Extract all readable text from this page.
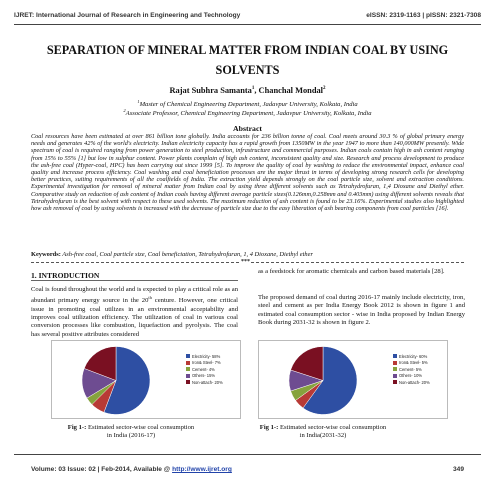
IJRET: International Journal of Research in Engineering and Technology	eISSN: 2319-1163 | pISSN: 2321-7308
SEPARATION OF MINERAL MATTER FROM INDIAN COAL BY USING SOLVENTS
Rajat Subhra Samanta$^1$, Chanchal Mondal$^2$
$^1$Master of Chemical Engineering Department, Jadavpur University, Kolkata, India
$^2$Associate Professor, Chemical Engineering Department, Jadavpur University, Kolkata, India
Abstract
Coal resources have been estimated at over 861 billion tone globally. India accounts for 236 billion tonne of coal. Coal meets around 30.3 % of global primary energy needs and generates 42% of the world's electricity. Indian electricity capacity has a rapid growth from 1350MW in the year 1947 to more than 140,000MW presently. Wide spectrum of coal is required ranging from power generation to steel production, infrastructure and commercial purposes. Indian coals contain high in ash content ranging from 15% to 55% [1] but low in sulphur content. Power plants complain of high ash content, inconsistent quality and size. Research and process development to produce the ash-free coal (Hyper-coal, HPC) has been carrying out since 1999 [5]. To improve the quality of coal by washing to reduce the environmental impact, enhance coal quality and increase process efficiency. Coal washing and coal beneficiation processes are the major thrust in terms of developing strong research cells for developing better practices, suiting requirements of all the coalfields of India. The extraction yield depends strongly on the coal particle size, solvent and extraction conditions. Experimental investigation for removal of mineral matter from Indian coal by using three different solvents such as Tetrahydrofuran, 1,4 Dioxane and Diethyl ether. Comparative study on reduction of ash content of Indian coals having different average particle sizes(0.126mm,0.258mm and 0.403mm) using different solvents reveals that Tetrahydrofuran is the best solvent with respect to these used solvents. The maximum reduction of ash content is found to be 23.16%. Experimental studies also highlighted how ash removal of coal by using solvents is increased with the decrease of particle size due to the easy liberation of ash bearing components from coal particles [16].
Keywords: Ash-free coal, Coal particle size, Coal beneficiation, Tetrahydrofuran, 1, 4 Dioxane, Diethyl ether
***
1. INTRODUCTION
Coal is found throughout the world and is expected to play a critical role as an abundant primary energy source in the 20th centure. However, one critical issue in promoting coal utilizes in an environmental acceptability and improves coal utilization efficiency. The utilization of coal in various coal conversion processes like combustion, liquefaction and pyrolysis. The coal has several positive attributes considered
as a feedstock for aromatic chemicals and carbon based materials [28].
The proposed demand of coal during 2016-17 mainly include electricity, iron, steel and cement as per India Energy Book 2012 is shown in figure 1 and estimated coal consumption sector - wise in India proposed by Indian Energy Book during 2031-32 is shown in figure 2.
Electricity- 58%
Iron& Steel- 7%
Cement- 4%
Others- 15%
Non-attach- 20%
Fig 1-: Estimated sector-wise coal consumption in India (2016-17)
Electricity- 60%
Iron& Steel- 5%
Cement- 5%
Others- 10%
Non-attach- 20%
Fig 1-: Estimated sector-wise coal consumption in India(2031-32)
Volume: 03 Issue: 02 | Feb-2014, Available @ http://www.ijret.org	349
